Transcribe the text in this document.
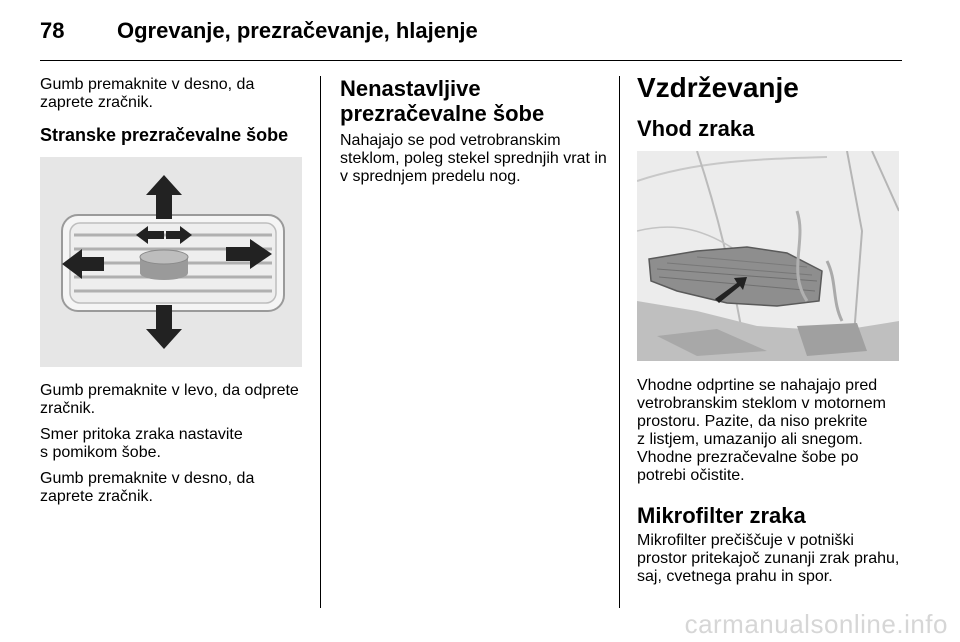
78 Ogrevanje, prezračevanje, hlajenje

Gumb premaknite v desno, da
zaprete zračnik.

Stranske prezračevalne šobe

Gumb premaknite v levo, da odprete
zračnik.

Smer pritoka zraka nastavite
s pomikom šobe.

Gumb premaknite v desno, da
zaprete zračnik.

Nenastavljive
prezračevalne šobe

Nahajajo se pod vetrobranskim
steklom, poleg stekel sprednjih vrat in
v sprednjem predelu nog.

Vzdrževanje
Vhod zraka

Vhodne odprtine se nahajajo pred
vetrobranskim steklom v motornem
prostoru. Pazite, da niso prekrite
z listjem, umazanijo ali snegom.
Vhodne prezračevalne šobe po
potrebi očistite.

Mikrofilter zraka

Mikrofilter prečiščuje v potniški
prostor pritekajoč zunanji zrak prahu,
saj, cvetnega prahu in spor.

carmanualsonline.info
